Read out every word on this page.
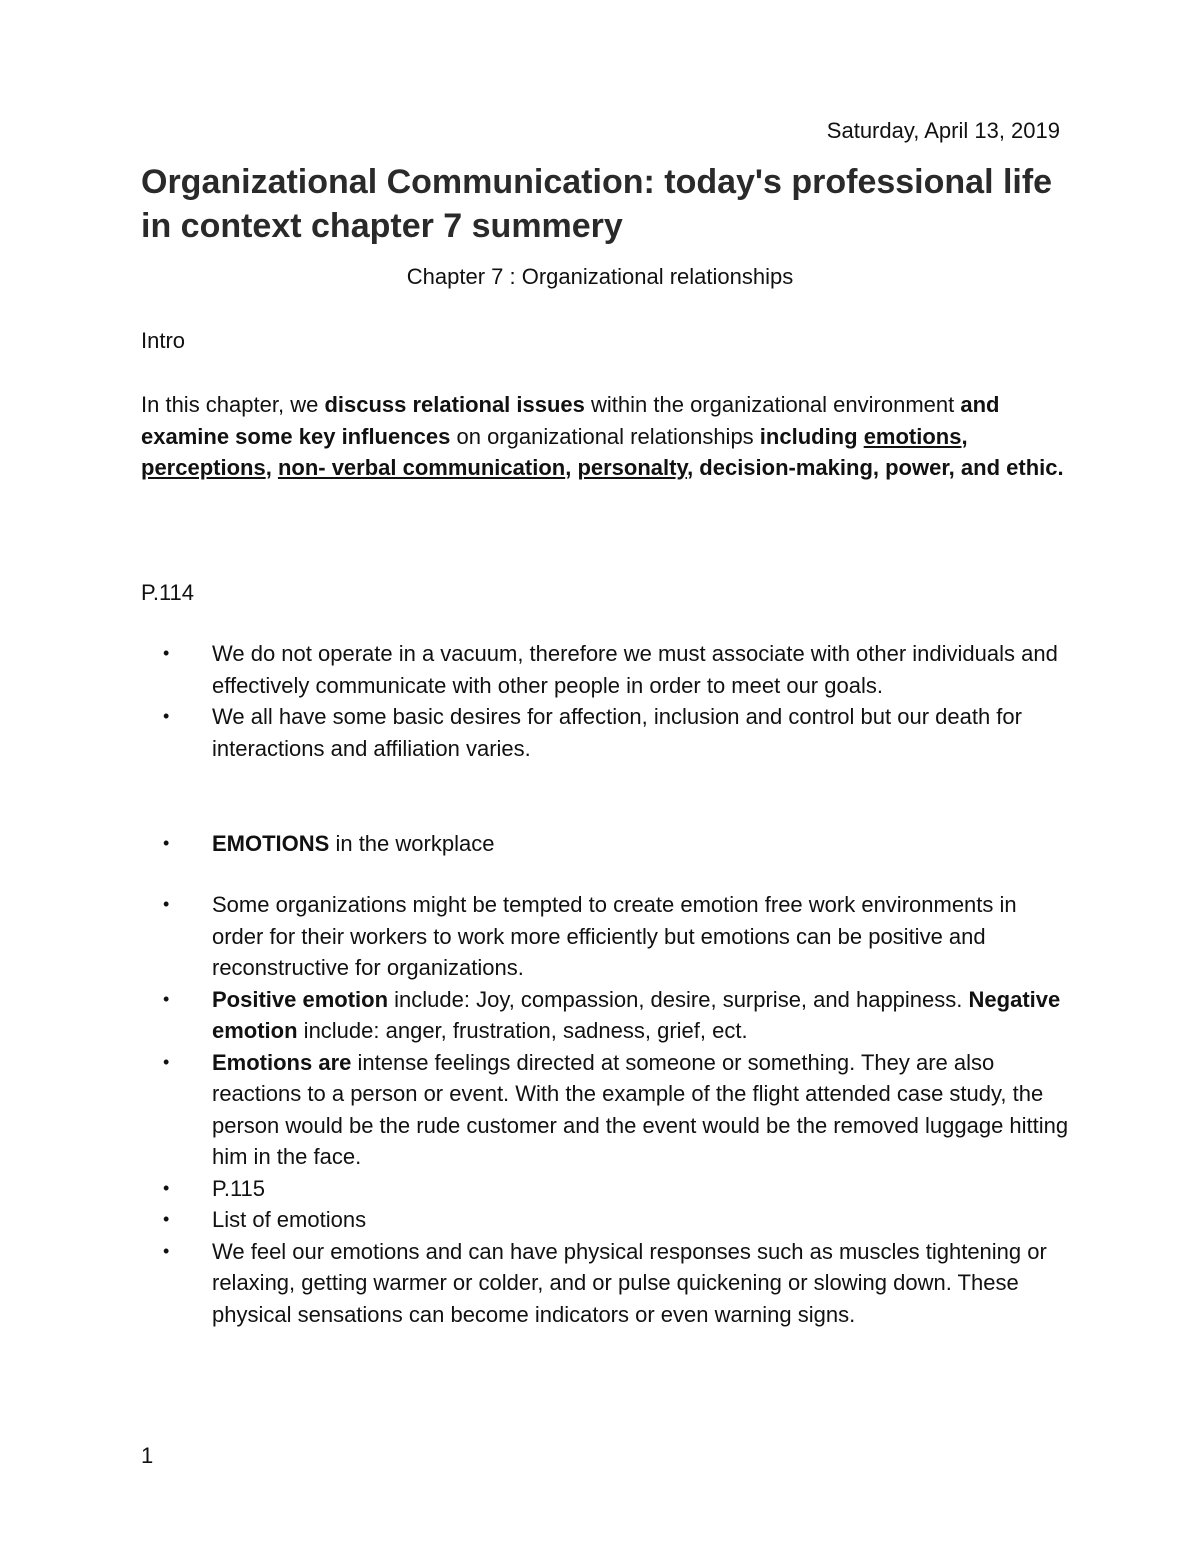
Saturday, April 13, 2019
Organizational Communication: today's professional life in context chapter 7 summery
Chapter 7 : Organizational relationships
Intro

In this chapter, we discuss relational issues within the organizational environment and examine some key influences on organizational relationships including emotions, perceptions, non- verbal communication, personalty, decision-making, power, and ethic.

P.114
• We do not operate in a vacuum, therefore we must associate with other individuals and effectively communicate with other people in order to meet our goals.
• We all have some basic desires for affection, inclusion and control but our death for interactions and affiliation varies.
• EMOTIONS in the workplace
• Some organizations might be tempted to create emotion free work environments in order for their workers to work more efficiently but emotions can be positive and reconstructive for organizations.
• Positive emotion include: Joy, compassion, desire, surprise, and happiness. Negative emotion include: anger, frustration, sadness, grief, ect.
• Emotions are intense feelings directed at someone or something. They are also reactions to a person or event. With the example of the flight attended case study, the person would be the rude customer and the event would be the removed luggage hitting him in the face.
• P.115
• List of emotions
• We feel our emotions and can have physical responses such as muscles tightening or relaxing, getting warmer or colder, and or pulse quickening or slowing down. These physical sensations can become indicators or even warning signs.
1
